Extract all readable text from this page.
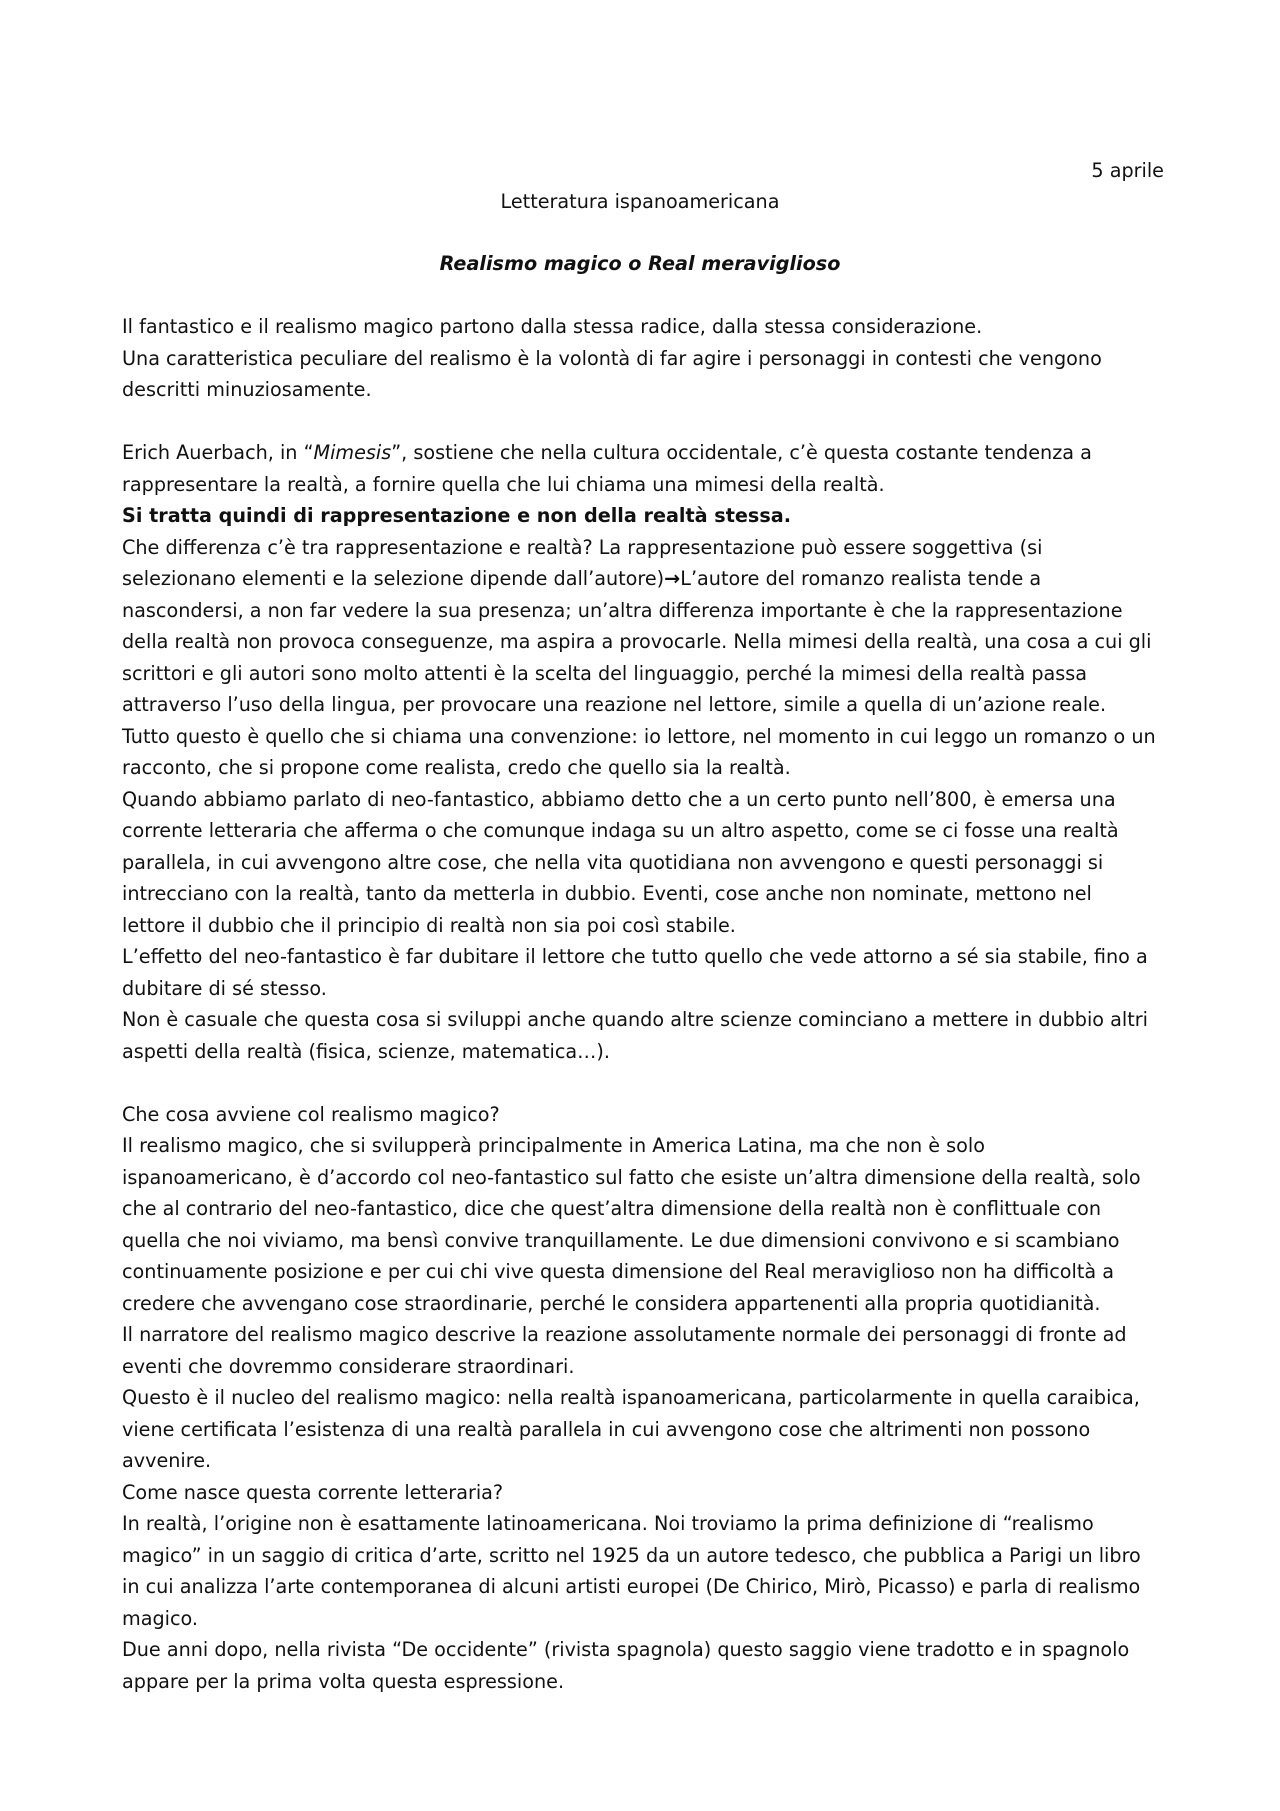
5 aprile
Letteratura ispanoamericana
Realismo magico o Real meraviglioso

Il fantastico e il realismo magico partono dalla stessa radice, dalla stessa considerazione.

Una caratteristica peculiare del realismo è la volontà di far agire i personaggi in contesti che vengono descritti minuziosamente.

Erich Auerbach, in “Mimesis”, sostiene che nella cultura occidentale, c’è questa costante tendenza a rappresentare la realtà, a fornire quella che lui chiama una mimesi della realtà.

Si tratta quindi di rappresentazione e non della realtà stessa.

Che differenza c’è tra rappresentazione e realtà? La rappresentazione può essere soggettiva (si selezionano elementi e la selezione dipende dall’autore)→L’autore del romanzo realista tende a nascondersi, a non far vedere la sua presenza; un’altra differenza importante è che la rappresentazione della realtà non provoca conseguenze, ma aspira a provocarle. Nella mimesi della realtà, una cosa a cui gli scrittori e gli autori sono molto attenti è la scelta del linguaggio, perché la mimesi della realtà passa attraverso l’uso della lingua, per provocare una reazione nel lettore, simile a quella di un’azione reale.

Tutto questo è quello che si chiama una convenzione: io lettore, nel momento in cui leggo un romanzo o un racconto, che si propone come realista, credo che quello sia la realtà.

Quando abbiamo parlato di neo-fantastico, abbiamo detto che a un certo punto nell’800, è emersa una corrente letteraria che afferma o che comunque indaga su un altro aspetto, come se ci fosse una realtà parallela, in cui avvengono altre cose, che nella vita quotidiana non avvengono e questi personaggi si intrecciano con la realtà, tanto da metterla in dubbio. Eventi, cose anche non nominate, mettono nel lettore il dubbio che il principio di realtà non sia poi così stabile.

L’effetto del neo-fantastico è far dubitare il lettore che tutto quello che vede attorno a sé sia stabile, fino a dubitare di sé stesso.

Non è casuale che questa cosa si sviluppi anche quando altre scienze cominciano a mettere in dubbio altri aspetti della realtà (fisica, scienze, matematica…).

Che cosa avviene col realismo magico?

Il realismo magico, che si svilupperà principalmente in America Latina, ma che non è solo ispanoamericano, è d’accordo col neo-fantastico sul fatto che esiste un’altra dimensione della realtà, solo che al contrario del neo-fantastico, dice che quest’altra dimensione della realtà non è conflittuale con quella che noi viviamo, ma bensì convive tranquillamente. Le due dimensioni convivono e si scambiano continuamente posizione e per cui chi vive questa dimensione del Real meraviglioso non ha difficoltà a credere che avvengano cose straordinarie, perché le considera appartenenti alla propria quotidianità.

Il narratore del realismo magico descrive la reazione assolutamente normale dei personaggi di fronte ad eventi che dovremmo considerare straordinari.

Questo è il nucleo del realismo magico: nella realtà ispanoamericana, particolarmente in quella caraibica, viene certificata l’esistenza di una realtà parallela in cui avvengono cose che altrimenti non possono avvenire.

Come nasce questa corrente letteraria?

In realtà, l’origine non è esattamente latinoamericana. Noi troviamo la prima definizione di “realismo magico” in un saggio di critica d’arte, scritto nel 1925 da un autore tedesco, che pubblica a Parigi un libro in cui analizza l’arte contemporanea di alcuni artisti europei (De Chirico, Mirò, Picasso) e parla di realismo magico.

Due anni dopo, nella rivista “De occidente” (rivista spagnola) questo saggio viene tradotto e in spagnolo appare per la prima volta questa espressione.
